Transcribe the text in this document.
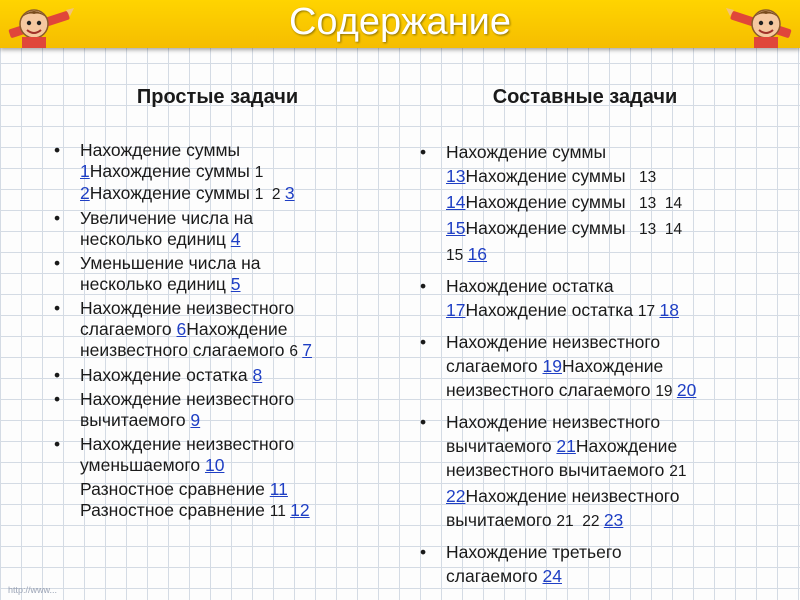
Содержание
Простые задачи	Составные задачи
• Нахождение суммы
1Нахождение суммы 1
2Нахождение суммы 1  2 3
• Увеличение числа на
несколько единиц 4
• Уменьшение числа на
несколько единиц 5
• Нахождение неизвестного
слагаемого 6Нахождение
неизвестного слагаемого 6 7
• Нахождение остатка 8
• Нахождение неизвестного
вычитаемого 9
• Нахождение неизвестного
уменьшаемого 10
Разностное сравнение 11
Разностное сравнение 11 12
• Нахождение суммы
13Нахождение суммы   13
14Нахождение суммы   13  14
15Нахождение суммы   13  14
15 16
• Нахождение остатка
17Нахождение остатка 17 18
• Нахождение неизвестного
слагаемого 19Нахождение
неизвестного слагаемого 19 20
• Нахождение неизвестного
вычитаемого 21Нахождение
неизвестного вычитаемого 21
22Нахождение неизвестного
вычитаемого 21  22 23
• Нахождение третьего
слагаемого 24
http://www...
